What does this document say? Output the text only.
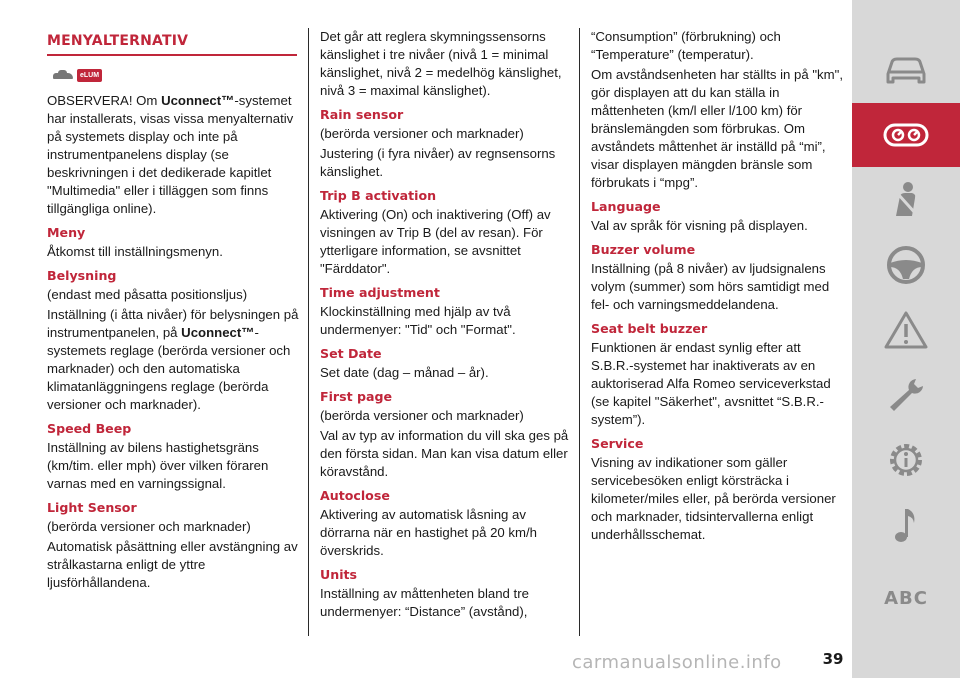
MENYALTERNATIV
eLUM
OBSERVERA! Om Uconnect™-systemet har installerats, visas vissa menyalternativ på systemets display och inte på instrumentpanelens display (se beskrivningen i det dedikerade kapitlet "Multimedia" eller i tilläggen som finns tillgängliga online).
Meny
Åtkomst till inställningsmenyn.
Belysning
(endast med påsatta positionsljus)
Inställning (i åtta nivåer) för belysningen på instrumentpanelen, på Uconnect™-systemets reglage (berörda versioner och marknader) och den automatiska klimatanläggningens reglage (berörda versioner och marknader).
Speed Beep
Inställning av bilens hastighetsgräns (km/tim. eller mph) över vilken föraren varnas med en varningssignal.
Light Sensor
(berörda versioner och marknader)
Automatisk påsättning eller avstängning av strålkastarna enligt de yttre ljusförhållandena.
Det går att reglera skymningssensorns känslighet i tre nivåer (nivå 1 = minimal känslighet, nivå 2 = medelhög känslighet, nivå 3 = maximal känslighet).
Rain sensor
(berörda versioner och marknader)
Justering (i fyra nivåer) av regnsensorns känslighet.
Trip B activation
Aktivering (On) och inaktivering (Off) av visningen av Trip B (del av resan). För ytterligare information, se avsnittet "Färddator".
Time adjustment
Klockinställning med hjälp av två undermenyer: "Tid" och "Format".
Set Date
Set date (dag – månad – år).
First page
(berörda versioner och marknader)
Val av typ av information du vill ska ges på den första sidan. Man kan visa datum eller köravstånd.
Autoclose
Aktivering av automatisk låsning av dörrarna när en hastighet på 20 km/h överskrids.
Units
Inställning av måttenheten bland tre undermenyer: “Distance” (avstånd),
“Consumption” (förbrukning) och “Temperature” (temperatur).
Om avståndsenheten har ställts in på "km", gör displayen att du kan ställa in måttenheten (km/l eller l/100 km) för bränslemängden som förbrukas. Om avståndets måttenhet är inställd på “mi”, visar displayen mängden bränsle som förbrukats i “mpg”.
Language
Val av språk för visning på displayen.
Buzzer volume
Inställning (på 8 nivåer) av ljudsignalens volym (summer) som hörs samtidigt med fel- och varningsmeddelandena.
Seat belt buzzer
Funktionen är endast synlig efter att S.B.R.-systemet har inaktiverats av en auktoriserad Alfa Romeo serviceverkstad (se kapitel "Säkerhet", avsnittet “S.B.R.-system”).
Service
Visning av indikationer som gäller servicebesöken enligt körsträcka i kilometer/miles eller, på berörda versioner och marknader, tidsintervallerna enligt underhållsschemat.
carmanualsonline.info	39
ABC
